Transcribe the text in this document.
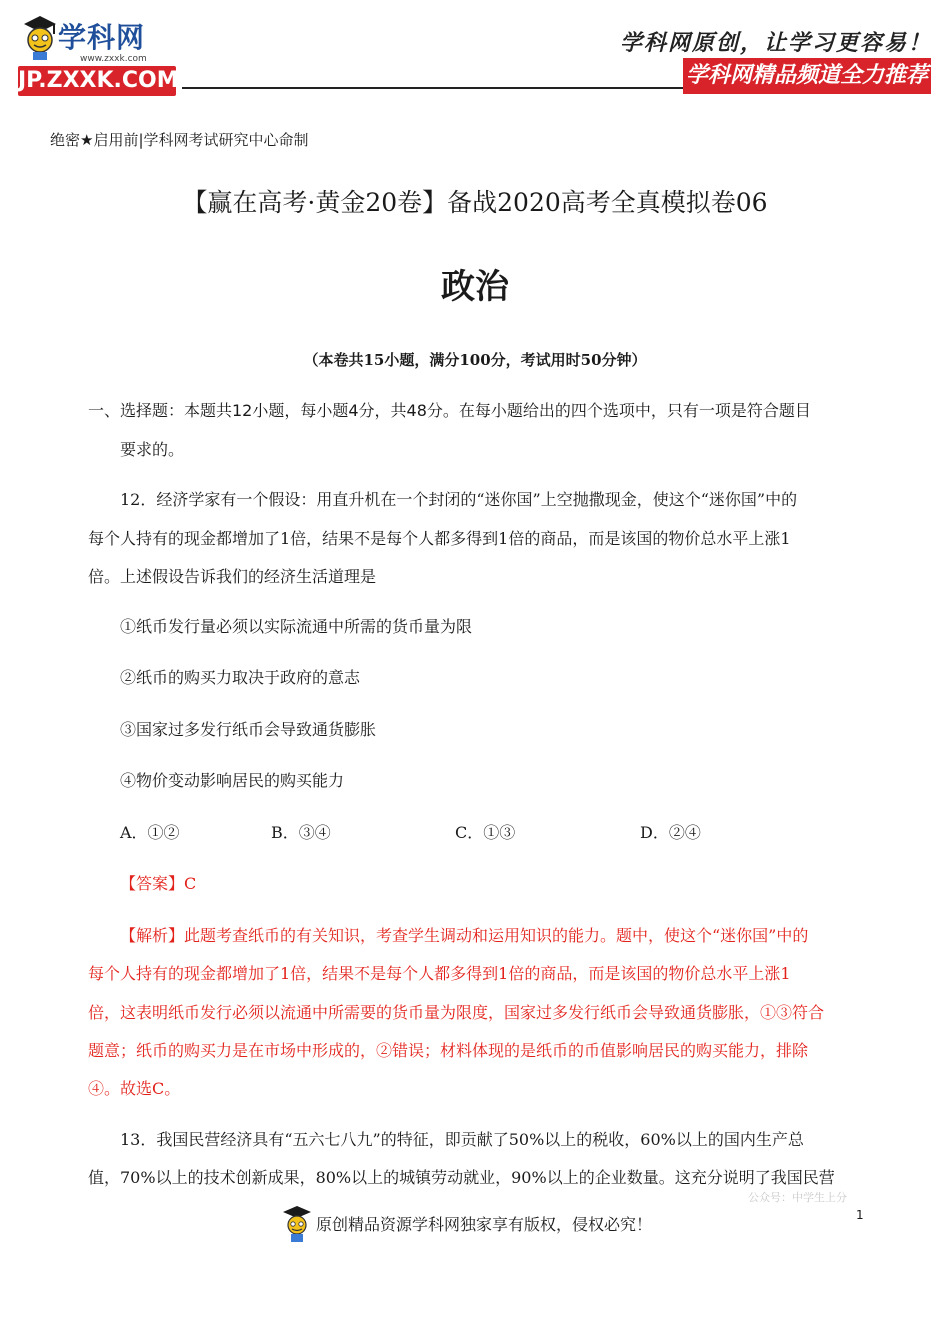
学科网
www.zxxk.com
JP.ZXXK.COM
学科网原创，让学习更容易！
学科网精品频道全力推荐
绝密★启用前|学科网考试研究中心命制
【赢在高考·黄金20卷】备战2020高考全真模拟卷06
政治
（本卷共15小题，满分100分，考试用时50分钟）
一、选择题：本题共12小题，每小题4分，共48分。在每小题给出的四个选项中，只有一项是符合题目
要求的。
12．经济学家有一个假设：用直升机在一个封闭的“迷你国”上空抛撒现金，使这个“迷你国”中的
每个人持有的现金都增加了1倍，结果不是每个人都多得到1倍的商品，而是该国的物价总水平上涨1
倍。上述假设告诉我们的经济生活道理是
①纸币发行量必须以实际流通中所需的货币量为限
②纸币的购买力取决于政府的意志
③国家过多发行纸币会导致通货膨胀
④物价变动影响居民的购买能力
A．①②	B．③④	C．①③	D．②④
【答案】C
【解析】此题考查纸币的有关知识，考查学生调动和运用知识的能力。题中，使这个“迷你国”中的
每个人持有的现金都增加了1倍，结果不是每个人都多得到1倍的商品，而是该国的物价总水平上涨1
倍，这表明纸币发行必须以流通中所需要的货币量为限度，国家过多发行纸币会导致通货膨胀，①③符合
题意；纸币的购买力是在市场中形成的，②错误；材料体现的是纸币的币值影响居民的购买能力，排除
④。故选C。
13．我国民营经济具有“五六七八九”的特征，即贡献了50%以上的税收，60%以上的国内生产总
值，70%以上的技术创新成果，80%以上的城镇劳动就业，90%以上的企业数量。这充分说明了我国民营
公众号：中学生上分
1
原创精品资源学科网独家享有版权，侵权必究！
